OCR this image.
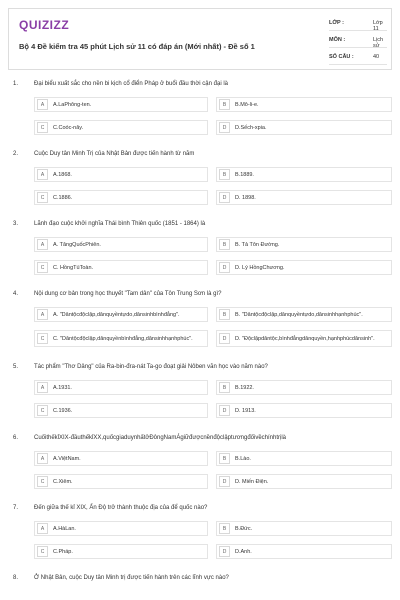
QUIZIZZ
Bộ 4 Đề kiểm tra 45 phút Lịch sử 11 có đáp án (Mới nhất) - Đề số 1
LỚP :	Lớp 11
MÔN :	Lịch sử
SỐ CÂU :	40
1.	Đại biểu xuất sắc cho nền bi kịch cổ điển Pháp ở buổi đầu thời cận đại là
A	A.LaPhông-ten.	B	B.Mô-li-e.
C	C.Coóc-nây.	D	D.Sếch-xpia.
2.	Cuộc Duy tân Minh Trị của Nhật Bản được tiến hành từ năm
A	A.1868.	B	B.1889.
C	C.1886.	D	D. 1898.
3.	Lãnh đạo cuộc khởi nghĩa Thái bình Thiên quốc (1851 - 1864) là
A	A. TăngQuốcPhiên.	B	B. Tả Tôn Đường.
C	C. HồngTúToàn.	D	D. Lý HồngChương.
4.	Nội dung cơ bản trong học thuyết "Tam dân" của Tôn Trung Sơn là gì?
A	A. "Dântộcđộclập,dânquyềntựdo,dânsinhbìnhđẳng".	B	B. "Dântộcđộclập,dânquyềntựdo,dânsinhhạnhphúc".
C	C. "Dântộcđộclập,dânquyềnbìnhđẳng,dânsinhhạnhphúc".	D	D. "Độclậpdântộc,bìnhđẳngdânquyền,hạnhphúcdânsinh".
5.	Tác phẩm "Thơ Dâng" của Ra-bin-đra-nát Ta-go đoạt giải Nôben văn học vào năm nào?
A	A.1931.	B	B.1922.
C	C.1936.	D	D. 1913.
6.	CuốithếkỉXIX-đầuthếkỉXX,quốcgiaduynhấtởĐôngNamÁgiữđượcnềnđộclậptươngđốivềchínhtrịlà
A	A.ViệtNam.	B	B.Lào.
C	C.Xiêm.	D	D. Miến Điện.
7.	Đến giữa thế kỉ XIX, Ấn Độ trở thành thuộc địa của để quốc nào?
A	A.HàLan.	B	B.Đức.
C	C.Pháp.	D	D.Anh.
8.	Ở Nhật Bản, cuộc Duy tân Minh trị được tiến hành trên các lĩnh vực nào?
